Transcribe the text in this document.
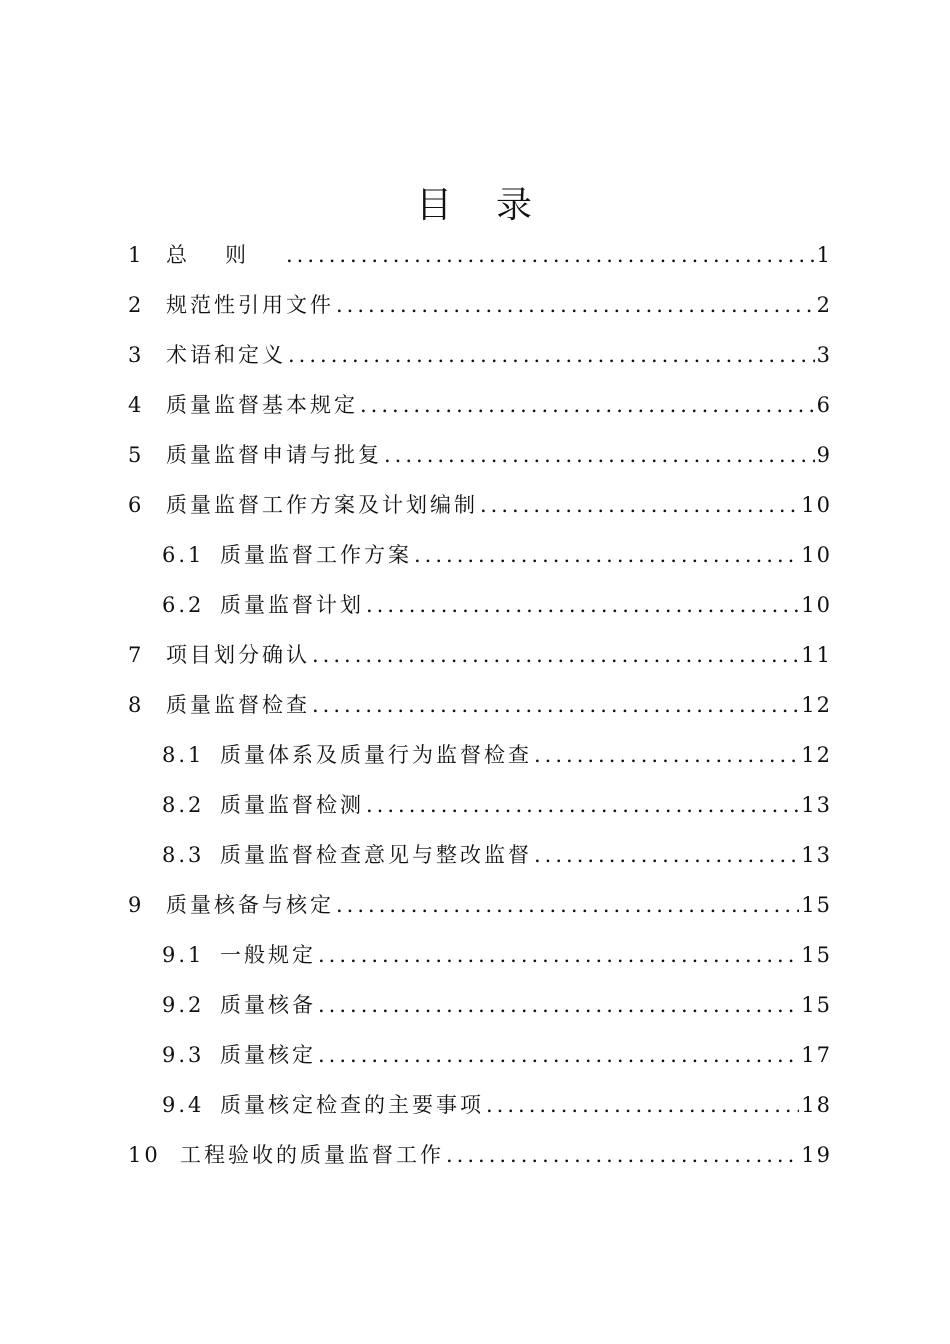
目 录
1	总则 .....	1
2	规范性引用文件 .....	2
3	术语和定义 .....	3
4	质量监督基本规定 .....	6
5	质量监督申请与批复 .....	9
6	质量监督工作方案及计划编制 .....	10
6.1 质量监督工作方案 .....	10
6.2 质量监督计划 .....	10
7	项目划分确认 .....	11
8	质量监督检查 .....	12
8.1 质量体系及质量行为监督检查 .....	12
8.2 质量监督检测 .....	13
8.3 质量监督检查意见与整改监督 .....	13
9	质量核备与核定 .....	15
9.1 一般规定 .....	15
9.2 质量核备 .....	15
9.3 质量核定 .....	17
9.4 质量核定检查的主要事项 .....	18
10 工程验收的质量监督工作 .....	19
